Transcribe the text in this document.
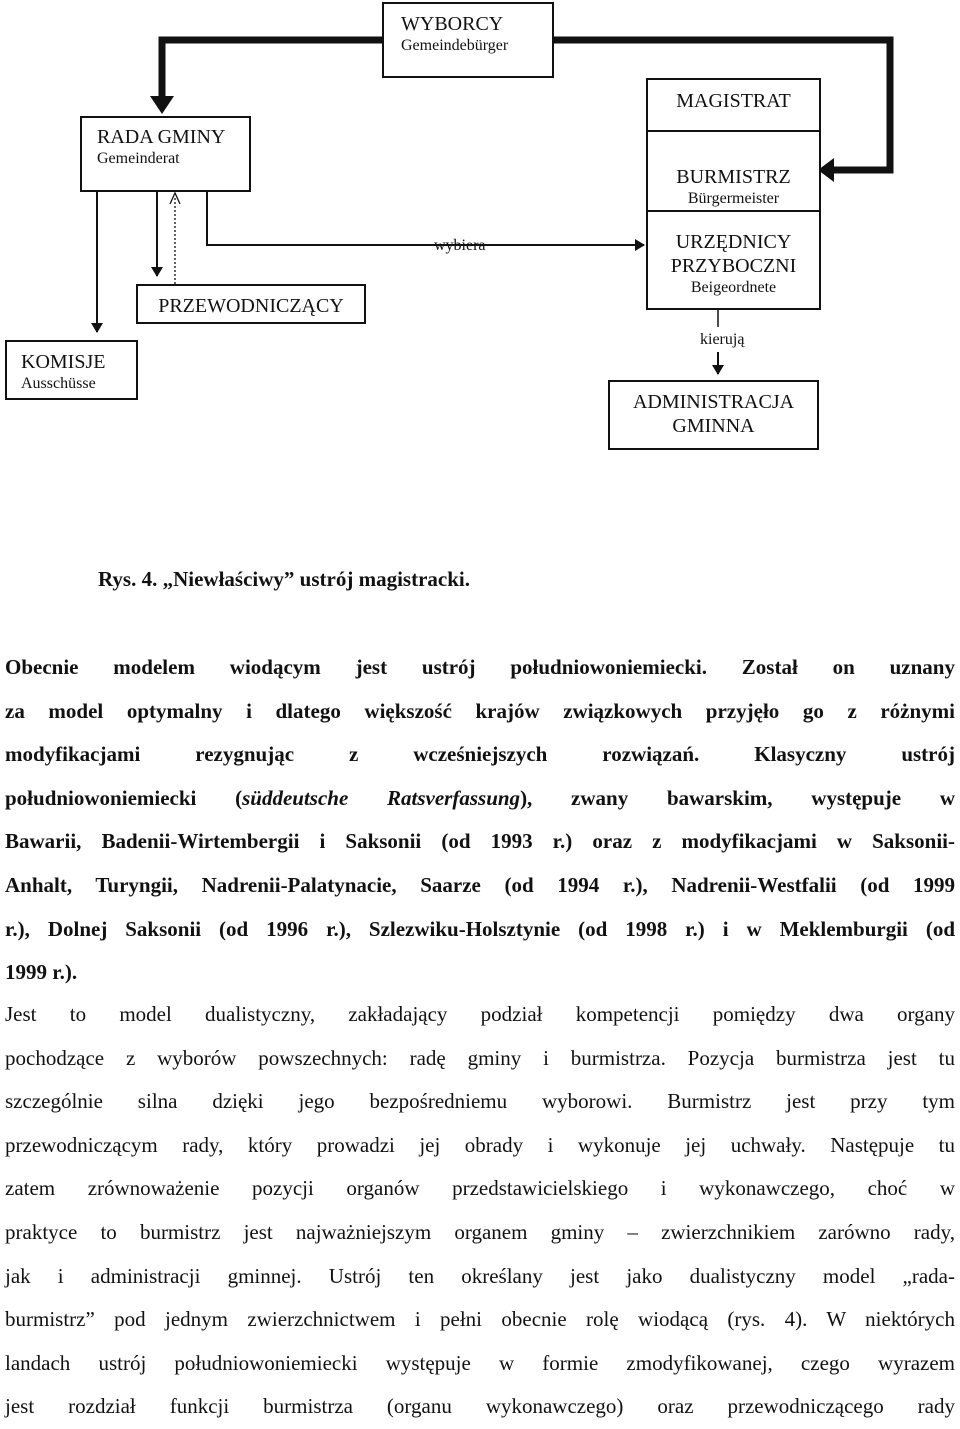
WYBORCY
Gemeindebürger
RADA GMINY
Gemeinderat
MAGISTRAT
BURMISTRZ
Bürgermeister
URZĘDNICY
PRZYBOCZNI
Beigeordnete
PRZEWODNICZĄCY
KOMISJE
Ausschüsse
ADMINISTRACJA
GMINNA
wybiera
kierują
Rys. 4. „Niewłaściwy” ustrój magistracki.
Obecnie modelem wiodącym jest ustrój południowoniemiecki. Został on uznany
za model optymalny i dlatego większość krajów związkowych przyjęło go z różnymi
modyfikacjami rezygnując z wcześniejszych rozwiązań. Klasyczny ustrój
południowoniemiecki (süddeutsche Ratsverfassung), zwany bawarskim, występuje w
Bawarii, Badenii-Wirtembergii i Saksonii (od 1993 r.) oraz z modyfikacjami w Saksonii-
Anhalt, Turyngii, Nadrenii-Palatynacie, Saarze (od 1994 r.), Nadrenii-Westfalii (od 1999
r.), Dolnej Saksonii (od 1996 r.), Szlezwiku-Holsztynie (od 1998 r.) i w Meklemburgii (od
1999 r.).
Jest to model dualistyczny, zakładający podział kompetencji pomiędzy dwa organy
pochodzące z wyborów powszechnych: radę gminy i burmistrza. Pozycja burmistrza jest tu
szczególnie silna dzięki jego bezpośredniemu wyborowi. Burmistrz jest przy tym
przewodniczącym rady, który prowadzi jej obrady i wykonuje jej uchwały. Następuje tu
zatem zrównoważenie pozycji organów przedstawicielskiego i wykonawczego, choć w
praktyce to burmistrz jest najważniejszym organem gminy – zwierzchnikiem zarówno rady,
jak i administracji gminnej. Ustrój ten określany jest jako dualistyczny model „rada-
burmistrz” pod jednym zwierzchnictwem i pełni obecnie rolę wiodącą (rys. 4). W niektórych
landach ustrój południowoniemiecki występuje w formie zmodyfikowanej, czego wyrazem
jest rozdział funkcji burmistrza (organu wykonawczego) oraz przewodniczącego rady
